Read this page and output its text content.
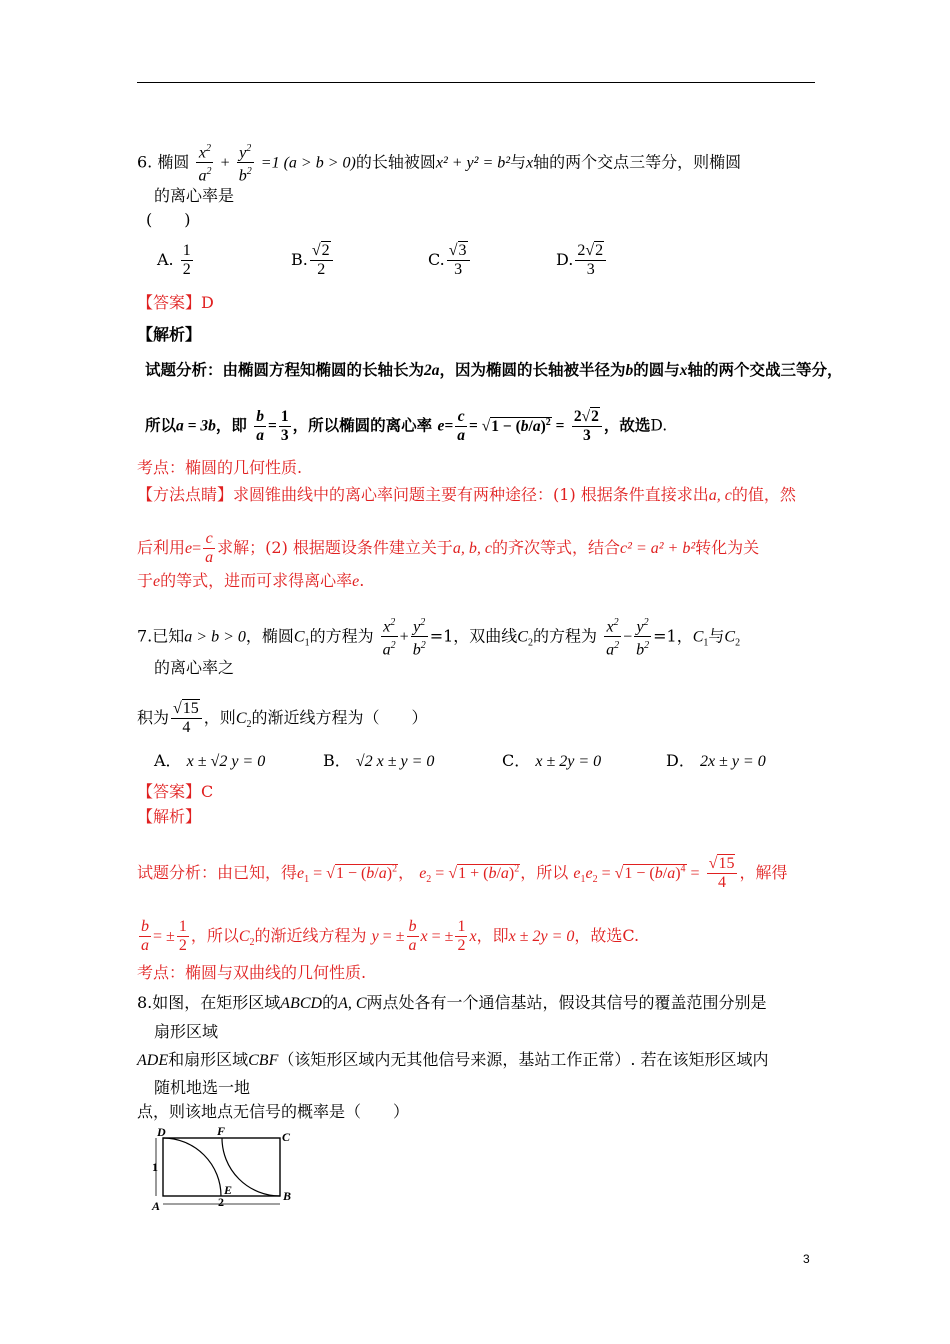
6. 椭圆 $\frac{x^2}{a^2} + \frac{y^2}{b^2} =1$ (a > b > 0)的长轴被圆x² + y² = b²与x轴的两个交点三等分，则椭圆
的离心率是
(　　)
A. $\frac{1}{2}$	B. $\frac{√2}{2}$	C. $\frac{√3}{3}$	D. $\frac{2√2}{3}$
【答案】D
【解析】
试题分析：由椭圆方程知椭圆的长轴长为2a，因为椭圆的长轴被半径为b的圆与x轴的两个交战三等分，
所以a = 3b，即 $\frac{b}{a} = \frac{1}{3}$ ，所以椭圆的离心率 $e= \frac{c}{a} = √1 - (b/a)^2 = \frac{2√2}{3}$ ，故选D.
考点：椭圆的几何性质.
【方法点睛】求圆锥曲线中的离心率问题主要有两种途径：(1) 根据条件直接求出a, c的值，然
后利用$e= \frac{c}{a}$ 求解；(2) 根据题设条件建立关于a, b, c的齐次等式，结合c² = a² + b²转化为关
于e的等式，进而可求得离心率e.
7.已知a > b > 0，椭圆$C_1$的方程为 $\frac{x^2}{a^2} + \frac{y^2}{b^2} =1$，双曲线$C_2$的方程为 $\frac{x^2}{a^2} - \frac{y^2}{b^2} =1$，$C_1$与$C_2$
的离心率之
积为 $\frac{√15}{4}$ ，则$C_2$的渐近线方程为（　　）
A． x ± √2 y = 0	B． √2 x ± y = 0	C． x ± 2y = 0	D． 2x ± y = 0
【答案】C
【解析】
试题分析：由已知，得$e_1 = √1 - (b/a)^2$， $e_2 = √1 + (b/a)^2$，所以 $e_1e_2 = √1 - (b/a)^4 = \frac{√15}{4}$ ，解得
$\frac{b}{a}$ = ± $\frac{1}{2}$ ，所以$C_2$的渐近线方程为 y = ± $\frac{b}{a}$ x = ± $\frac{1}{2}$ x，即x ± 2y = 0，故选C.
考点：椭圆与双曲线的几何性质.
8.如图，在矩形区域ABCD的A, C两点处各有一个通信基站，假设其信号的覆盖范围分别是
扇形区域
ADE和扇形区域CBF（该矩形区域内无其他信号来源，基站工作正常）. 若在该矩形区域内
随机地选一地
点，则该地点无信号的概率是（　　）
D	F	C
1
E	B
A	2
3
